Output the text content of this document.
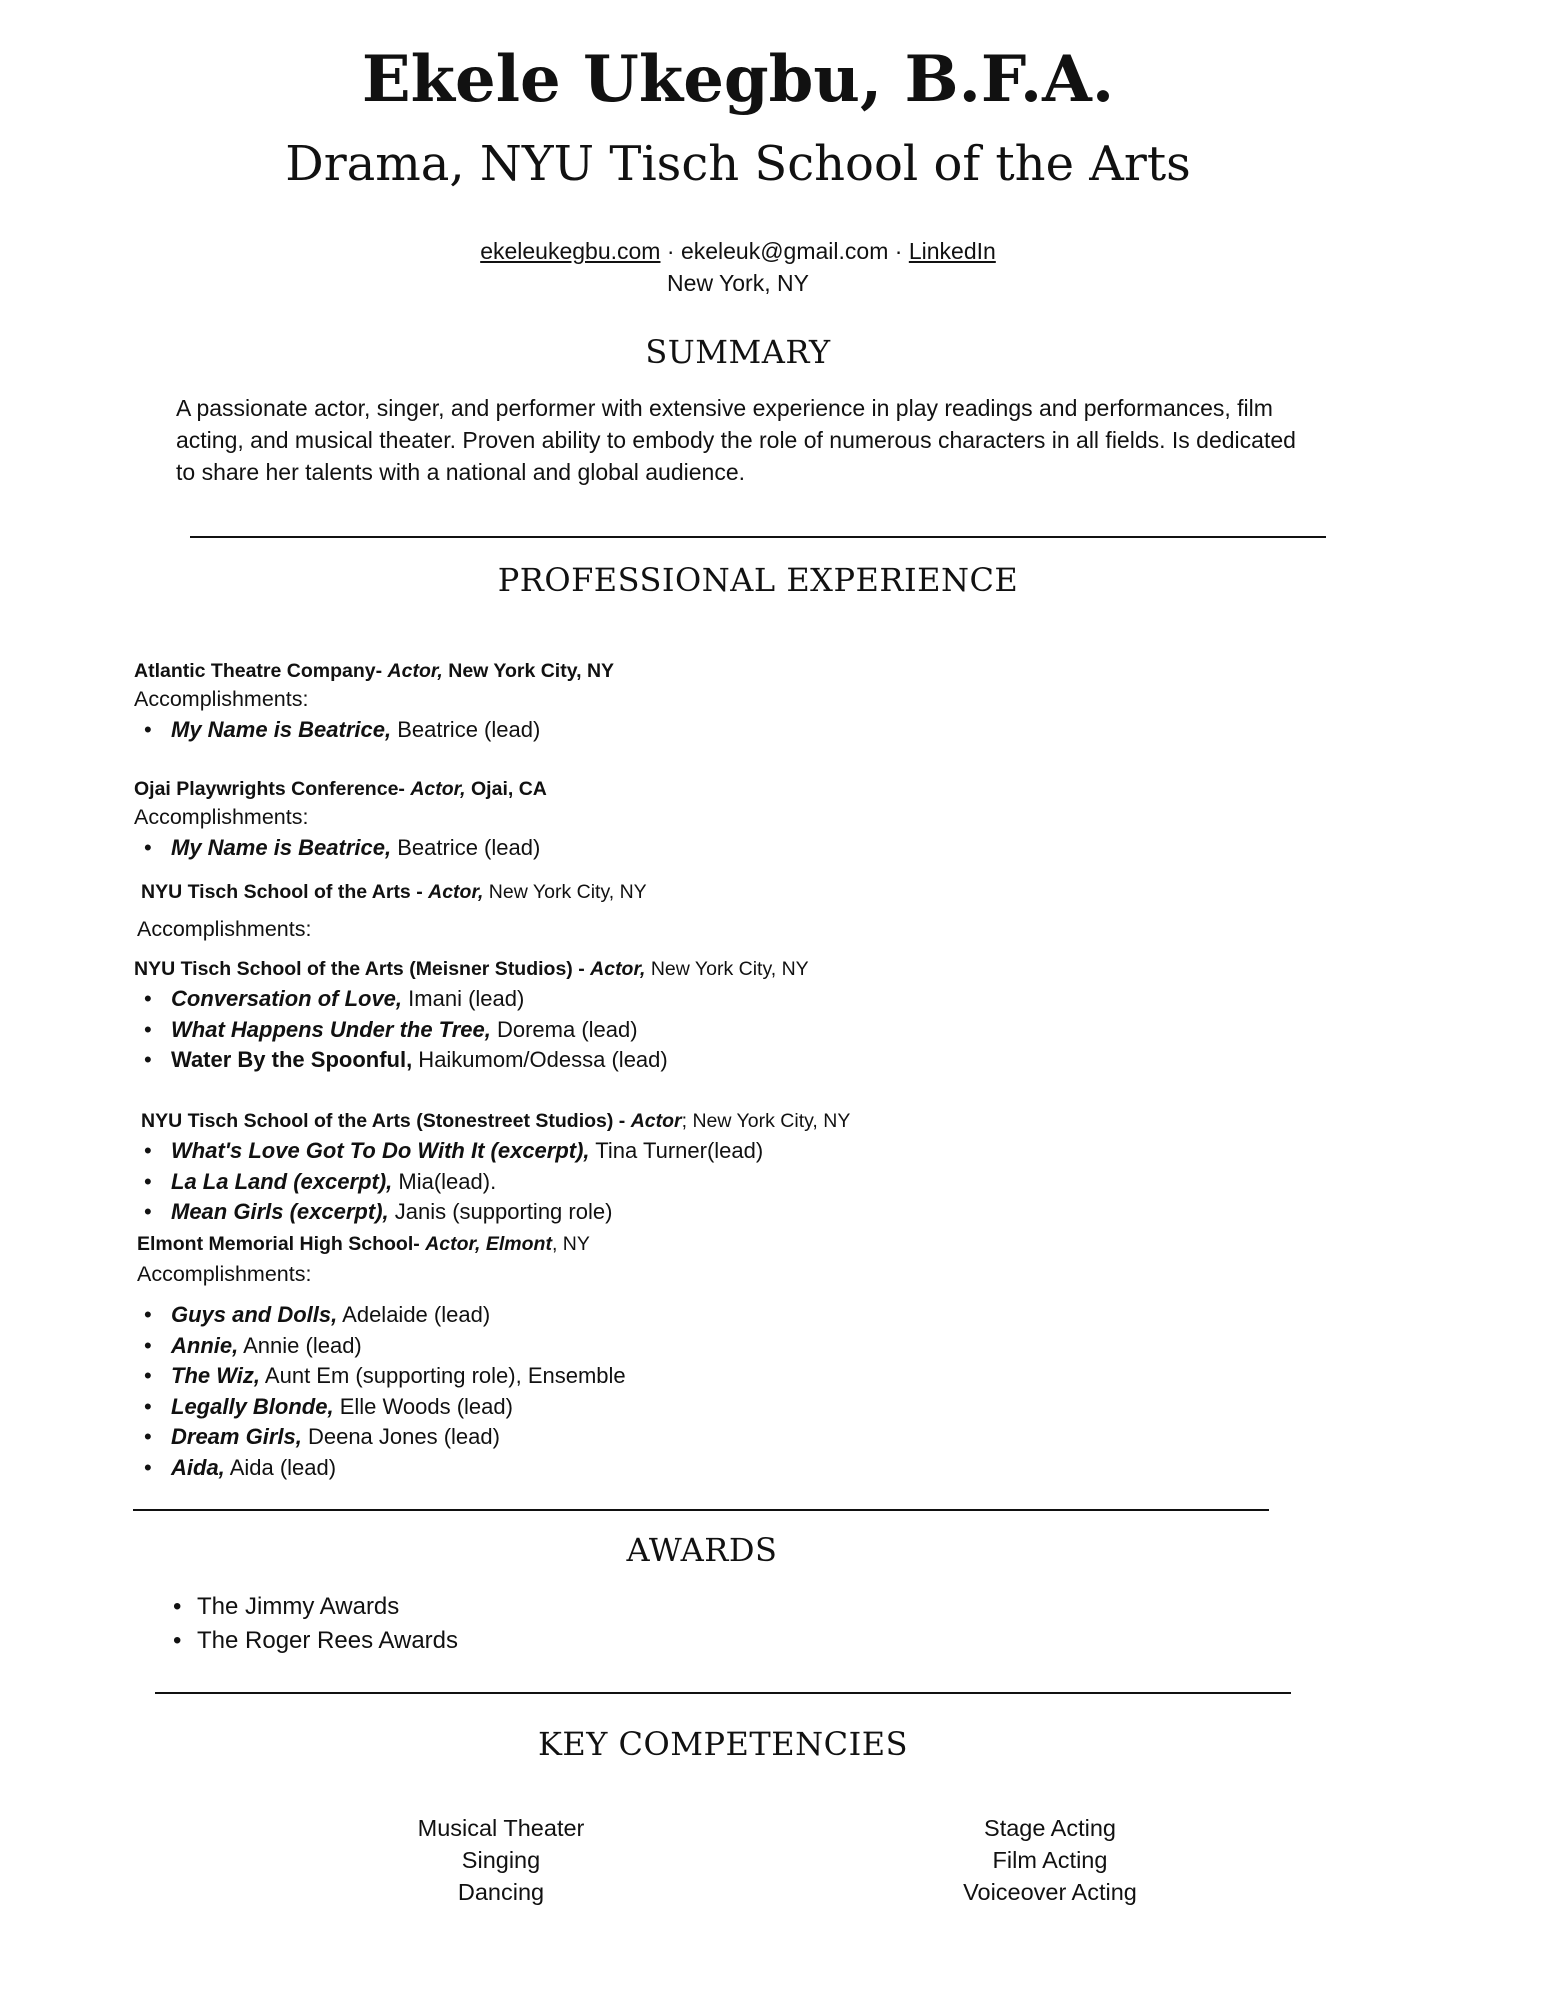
Ekele Ukegbu, B.F.A.
Drama, NYU Tisch School of the Arts
ekeleukegbu.com · ekeleuk@gmail.com · LinkedIn
New York, NY
SUMMARY
A passionate actor, singer, and performer with extensive experience in play readings and performances, film acting, and musical theater. Proven ability to embody the role of numerous characters in all fields. Is dedicated to share her talents with a national and global audience.
PROFESSIONAL EXPERIENCE
Atlantic Theatre Company- Actor, New York City, NY
Accomplishments:
• My Name is Beatrice, Beatrice (lead)
Ojai Playwrights Conference- Actor, Ojai, CA
Accomplishments:
• My Name is Beatrice, Beatrice (lead)
NYU Tisch School of the Arts - Actor, New York City, NY
Accomplishments:
NYU Tisch School of the Arts (Meisner Studios) - Actor, New York City, NY
• Conversation of Love, Imani (lead)
• What Happens Under the Tree, Dorema (lead)
• Water By the Spoonful, Haikumom/Odessa (lead)
NYU Tisch School of the Arts (Stonestreet Studios) - Actor; New York City, NY
• What's Love Got To Do With It (excerpt), Tina Turner(lead)
• La La Land (excerpt), Mia(lead).
• Mean Girls (excerpt), Janis (supporting role)
Elmont Memorial High School- Actor, Elmont, NY
Accomplishments:
• Guys and Dolls, Adelaide (lead)
• Annie, Annie (lead)
• The Wiz, Aunt Em (supporting role), Ensemble
• Legally Blonde, Elle Woods (lead)
• Dream Girls, Deena Jones (lead)
• Aida, Aida (lead)
AWARDS
• The Jimmy Awards
• The Roger Rees Awards
KEY COMPETENCIES
Musical Theater
Singing
Dancing
Stage Acting
Film Acting
Voiceover Acting
